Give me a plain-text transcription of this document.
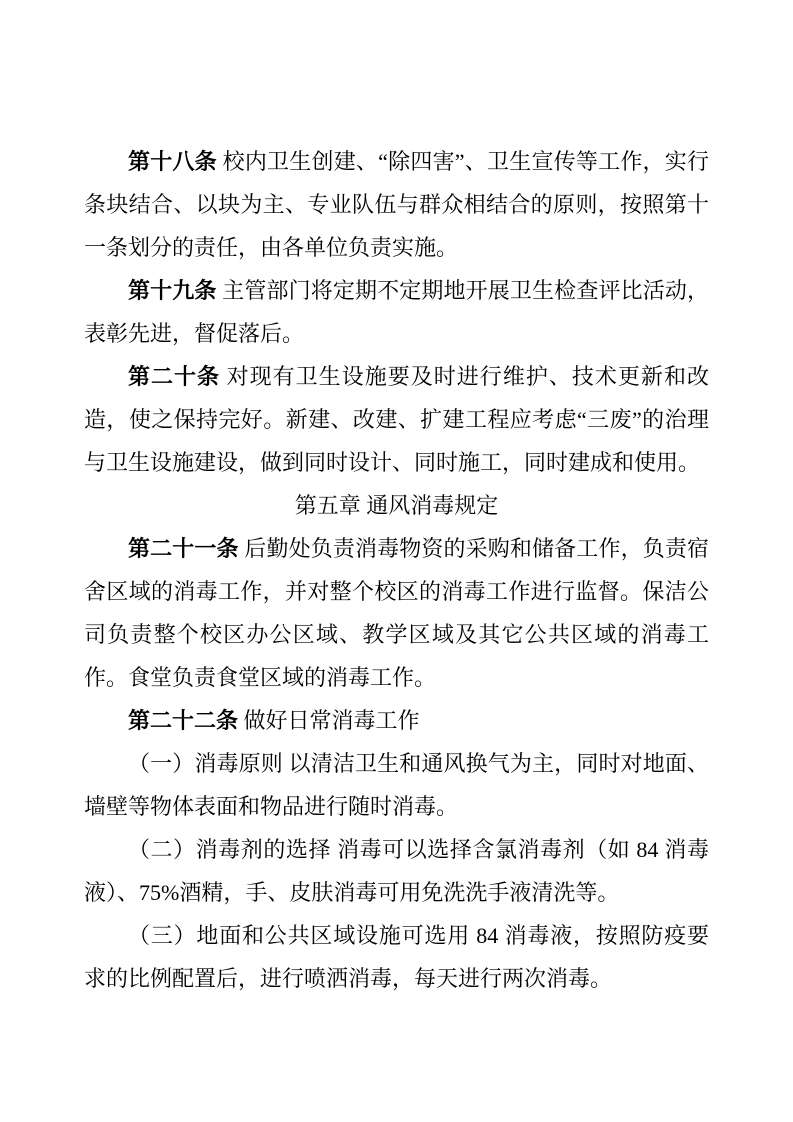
第十八条 校内卫生创建、“除四害”、卫生宣传等工作，实行条块结合、以块为主、专业队伍与群众相结合的原则，按照第十一条划分的责任，由各单位负责实施。

第十九条 主管部门将定期不定期地开展卫生检查评比活动，表彰先进，督促落后。

第二十条 对现有卫生设施要及时进行维护、技术更新和改造，使之保持完好。新建、改建、扩建工程应考虑“三废”的治理与卫生设施建设，做到同时设计、同时施工，同时建成和使用。

第五章 通风消毒规定

第二十一条 后勤处负责消毒物资的采购和储备工作，负责宿舍区域的消毒工作，并对整个校区的消毒工作进行监督。保洁公司负责整个校区办公区域、教学区域及其它公共区域的消毒工作。食堂负责食堂区域的消毒工作。

第二十二条 做好日常消毒工作

（一）消毒原则 以清洁卫生和通风换气为主，同时对地面、墙壁等物体表面和物品进行随时消毒。

（二）消毒剂的选择 消毒可以选择含氯消毒剂（如 84 消毒液）、75%酒精，手、皮肤消毒可用免洗洗手液清洗等。

（三）地面和公共区域设施可选用 84 消毒液，按照防疫要求的比例配置后，进行喷洒消毒，每天进行两次消毒。
